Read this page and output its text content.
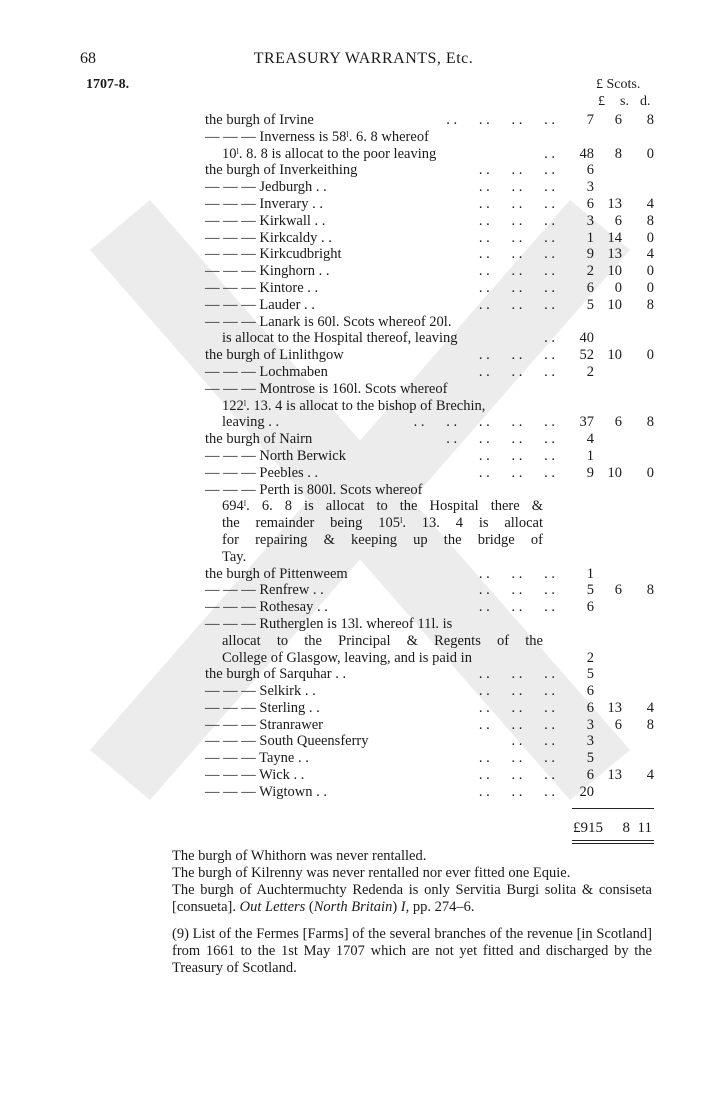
68	TREASURY WARRANTS, Etc.
1707-8.	£ Scots.
£ s. d.
the burgh of Irvine	7	6	8
. .      . .      . .      . .
— — — Inverness is 58ˡ. 6. 8 whereof
10ˡ. 8. 8 is allocat to the poor leaving	48	8	0
. .
the burgh of Inverkeithing	6
. .      . .      . .
— — — Jedburgh . .	3
. .      . .      . .
— — — Inverary . .	6 13	4
. .      . .      . .
— — — Kirkwall . .	3	6	8
. .      . .      . .
— — — Kirkcaldy . .	1 14	0
. .      . .      . .
— — — Kirkcudbright	9 13	4
. .      . .      . .
— — — Kinghorn . .	2 10	0
. .      . .      . .
— — — Kintore . .	6	0	0
. .      . .      . .
— — — Lauder . .	5 10	8
. .      . .      . .
— — — Lanark is 60l. Scots whereof 20l.
is allocat to the Hospital thereof, leaving	40
. .
the burgh of Linlithgow	52 10	0
. .      . .      . .
— — — Lochmaben	2
. .      . .      . .
— — — Montrose is 160l. Scots whereof
122ˡ. 13. 4 is allocat to the bishop of Brechin,
leaving . .	37	6	8
. .      . .      . .      . .      . .
the burgh of Nairn	4
. .      . .      . .      . .
— — — North Berwick	1
. .      . .      . .
— — — Peebles . .	9 10	0
. .      . .      . .
— — — Perth is 800l. Scots whereof
694ˡ. 6. 8 is allocat to the Hospital there &
the remainder being 105ˡ. 13. 4 is allocat
for repairing & keeping up the bridge of
Tay.
the burgh of Pittenweem	1
. .      . .      . .
— — — Renfrew . .	5	6	8
. .      . .      . .
— — — Rothesay . .	6
. .      . .      . .
— — — Rutherglen is 13l. whereof 11l. is
allocat to the Principal & Regents of the
College of Glasgow, leaving, and is paid in	2
the burgh of Sarquhar . .	5
. .      . .      . .
— — — Selkirk . .	6
. .      . .      . .
— — — Sterling . .	6 13	4
. .      . .      . .
— — — Stranrawer	3	6	8
. .      . .      . .
— — — South Queensferry	3
. .      . .
— — — Tayne . .	5
. .      . .      . .
— — — Wick . .	6 13	4
. .      . .      . .
— — — Wigtown . .	20
. .      . .      . .
£915	8 11

The burgh of Whithorn was never rentalled.

The burgh of Kilrenny was never rentalled nor ever fitted one Equie.

The burgh of Auchtermuchty Redenda is only Servitia Burgi solita & consiseta [consueta]. Out Letters (North Britain) I, pp. 274–6.

(9) List of the Fermes [Farms] of the several branches of the revenue [in Scotland] from 1661 to the 1st May 1707 which are not yet fitted and discharged by the Treasury of Scotland.
